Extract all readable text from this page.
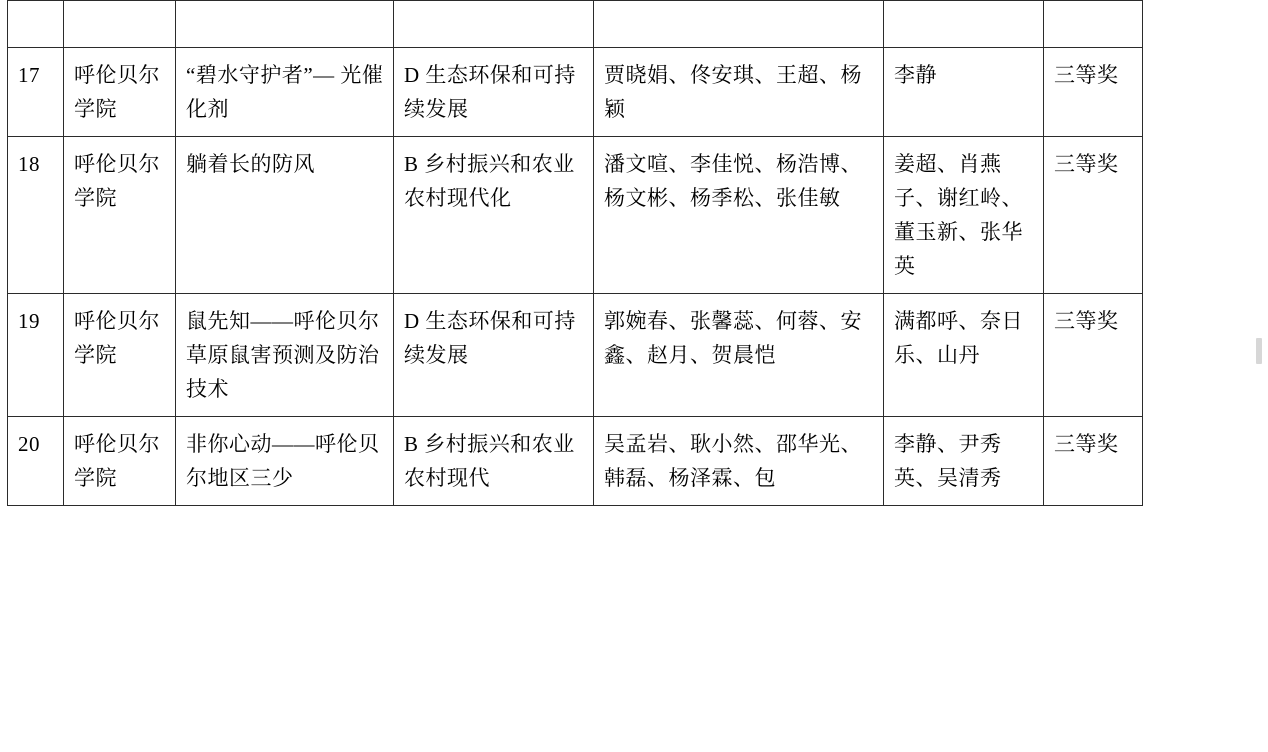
17	呼伦贝尔学院	“碧水守护者”— 光催化剂	D 生态环保和可持续发展	贾晓娟、佟安琪、王超、杨颖	李静	三等奖

18	呼伦贝尔学院	躺着长的防风	B 乡村振兴和农业农村现代化	潘文喧、李佳悦、杨浩博、杨文彬、杨季松、张佳敏	姜超、肖燕子、谢红岭、董玉新、张华英	三等奖

19	呼伦贝尔学院	鼠先知——呼伦贝尔草原鼠害预测及防治技术	D 生态环保和可持续发展	郭婉春、张馨蕊、何蓉、安鑫、赵月、贺晨恺	满都呼、奈日乐、山丹	三等奖

20	呼伦贝尔学院	非你心动——呼伦贝尔地区三少	B 乡村振兴和农业农村现代	吴孟岩、耿小然、邵华光、韩磊、杨泽霖、包	李静、尹秀英、吴清秀	三等奖
